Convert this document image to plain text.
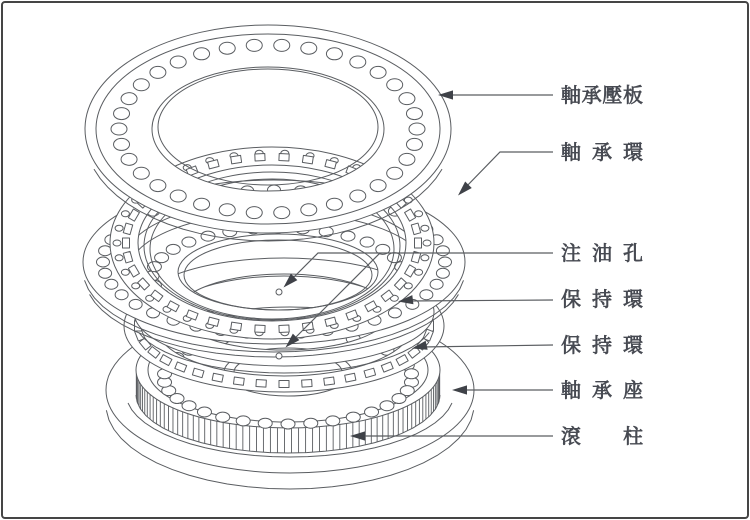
軸承壓板
軸承環
注油孔
保持環
保持環
軸承座
滾柱
